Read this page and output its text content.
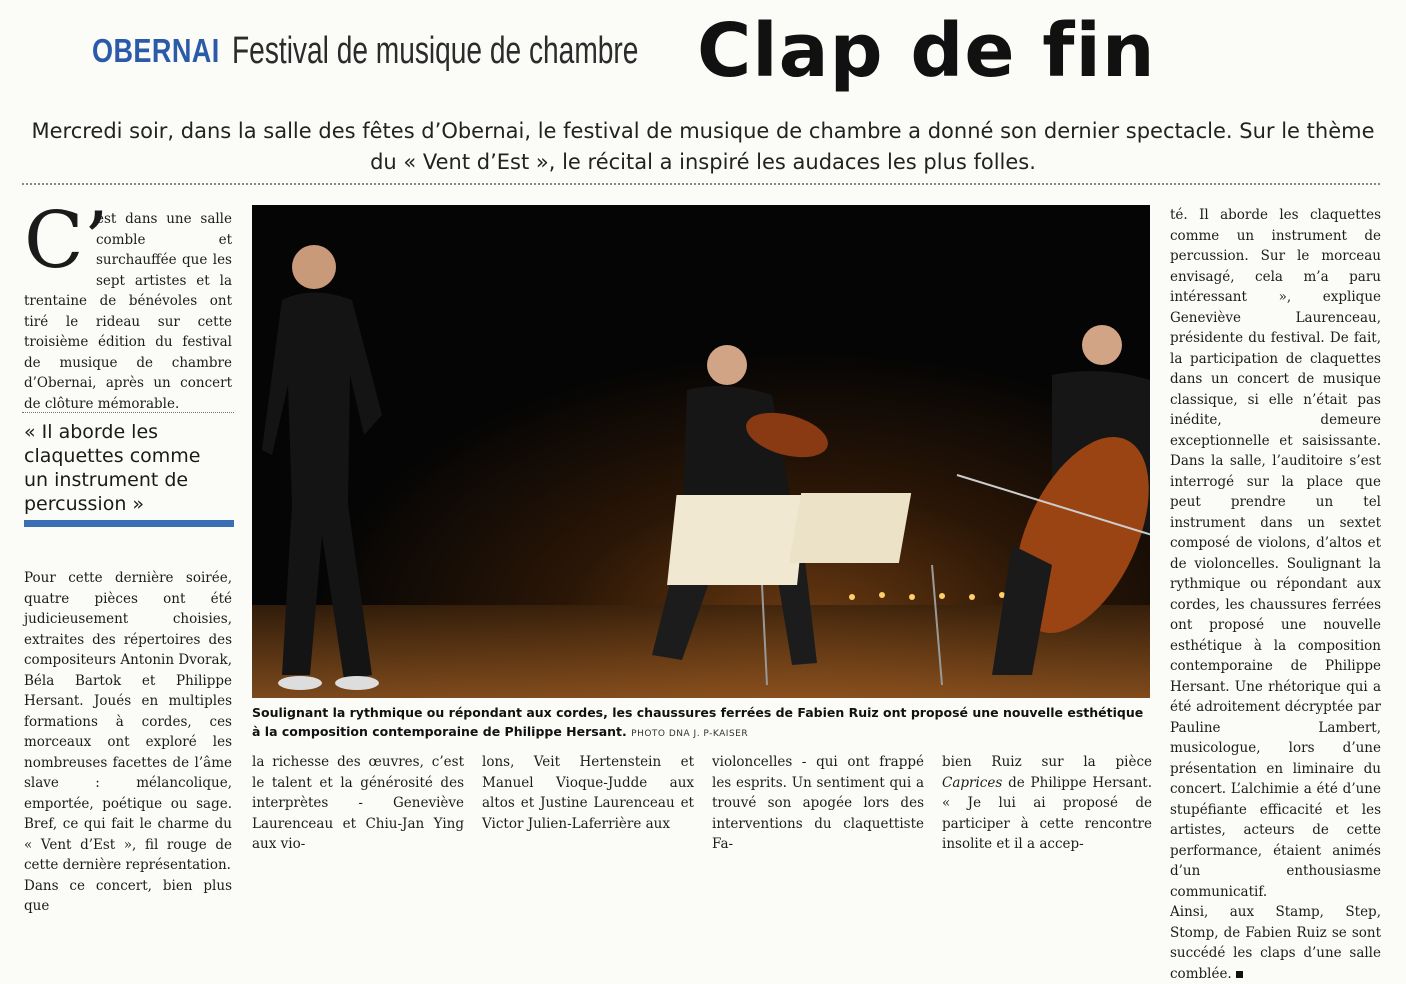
OBERNAI Festival de musique de chambre Clap de fin
Mercredi soir, dans la salle des fêtes d’Obernai, le festival de musique de chambre a donné son dernier spectacle. Sur le thème du « Vent d’Est », le récital a inspiré les audaces les plus folles.
C’
est dans une salle comble et surchauffée que les sept artistes et la trentaine de bénévoles ont tiré le rideau sur cette troisième édition du festival de musique de chambre d’Obernai, après un concert de clôture mémorable.
« Il aborde les claquettes comme un instrument de percussion »
Pour cette dernière soirée, quatre pièces ont été judicieusement choisies, extraites des répertoires des compositeurs Antonin Dvorak, Béla Bartok et Philippe Hersant. Joués en multiples formations à cordes, ces morceaux ont exploré les nombreuses facettes de l’âme slave : mélancolique, emportée, poétique ou sage. Bref, ce qui fait le charme du « Vent d’Est », fil rouge de cette dernière représentation.
Dans ce concert, bien plus que
Soulignant la rythmique ou répondant aux cordes, les chaussures ferrées de Fabien Ruiz ont proposé une nouvelle esthétique à la composition contemporaine de Philippe Hersant. PHOTO DNA J. P-KAISER
la richesse des œuvres, c’est le talent et la générosité des interprètes - Geneviève Laurenceau et Chiu-Jan Ying aux vio-
lons, Veit Hertenstein et Manuel Vioque-Judde aux altos et Justine Laurenceau et Victor Julien-Laferrière aux
violoncelles - qui ont frappé les esprits. Un sentiment qui a trouvé son apogée lors des interventions du claquettiste Fa-
bien Ruiz sur la pièce Caprices de Philippe Hersant. « Je lui ai proposé de participer à cette rencontre insolite et il a accep-
té. Il aborde les claquettes comme un instrument de percussion. Sur le morceau envisagé, cela m’a paru intéressant », explique Geneviève Laurenceau, présidente du festival. De fait, la participation de claquettes dans un concert de musique classique, si elle n’était pas inédite, demeure exceptionnelle et saisissante. Dans la salle, l’auditoire s’est interrogé sur la place que peut prendre un tel instrument dans un sextet composé de violons, d’altos et de violoncelles. Soulignant la rythmique ou répondant aux cordes, les chaussures ferrées ont proposé une nouvelle esthétique à la composition contemporaine de Philippe Hersant. Une rhétorique qui a été adroitement décryptée par Pauline Lambert, musicologue, lors d’une présentation en liminaire du concert. L’alchimie a été d’une stupéfiante efficacité et les artistes, acteurs de cette performance, étaient animés d’un enthousiasme communicatif.
Ainsi, aux Stamp, Step, Stomp, de Fabien Ruiz se sont succédé les claps d’une salle comblée.
